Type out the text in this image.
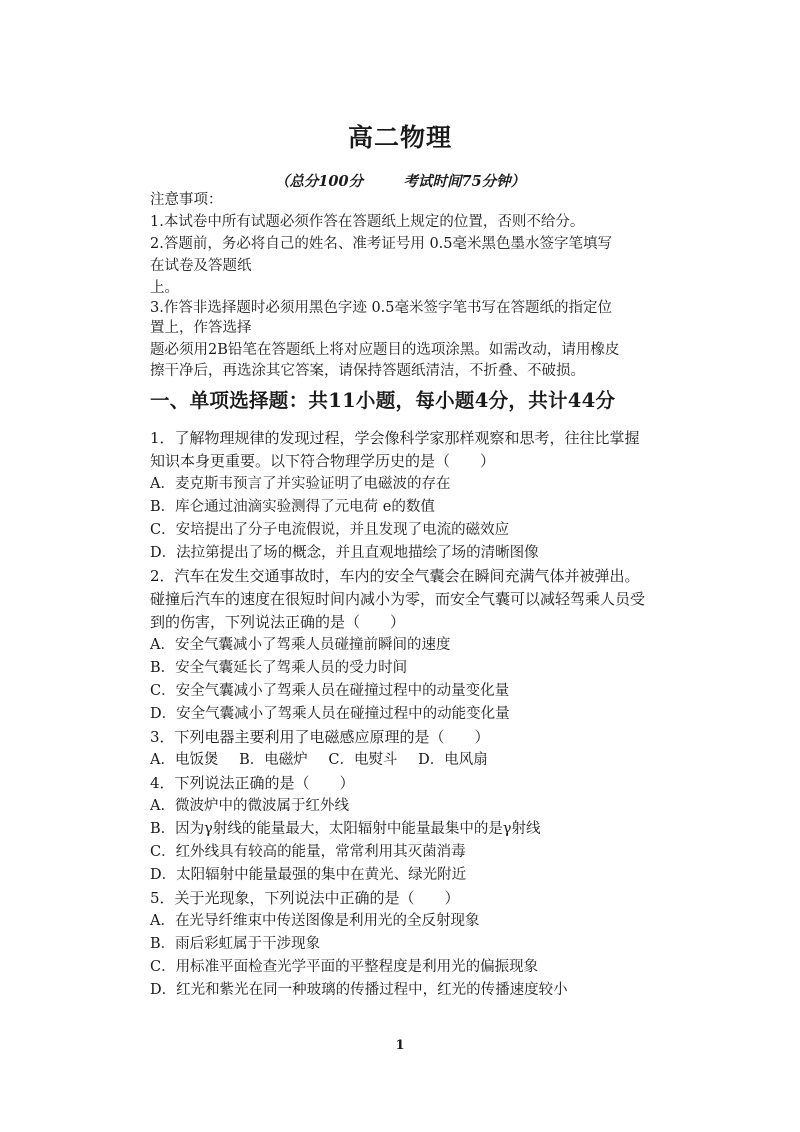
高二物理
（总分100分        考试时间75分钟）
注意事项：
1.本试卷中所有试题必须作答在答题纸上规定的位置，否则不给分。
2.答题前，务必将自己的姓名、准考证号用 0.5毫米黑色墨水签字笔填写
在试卷及答题纸
上。
3.作答非选择题时必须用黑色字迹 0.5毫米签字笔书写在答题纸的指定位
置上，作答选择
题必须用2B铅笔在答题纸上将对应题目的选项涂黑。如需改动，请用橡皮
擦干净后，再选涂其它答案，请保持答题纸清洁，不折叠、不破损。
一、单项选择题：共11小题，每小题4分，共计44分
1．了解物理规律的发现过程，学会像科学家那样观察和思考，往往比掌握
知识本身更重要。以下符合物理学历史的是（　　）
A．麦克斯韦预言了并实验证明了电磁波的存在
B．库仑通过油滴实验测得了元电荷 e的数值
C．安培提出了分子电流假说，并且发现了电流的磁效应
D．法拉第提出了场的概念，并且直观地描绘了场的清晰图像
2．汽车在发生交通事故时，车内的安全气囊会在瞬间充满气体并被弹出。
碰撞后汽车的速度在很短时间内减小为零，而安全气囊可以减轻驾乘人员受
到的伤害，下列说法正确的是（　　）
A．安全气囊减小了驾乘人员碰撞前瞬间的速度
B．安全气囊延长了驾乘人员的受力时间
C．安全气囊减小了驾乘人员在碰撞过程中的动量变化量
D．安全气囊减小了驾乘人员在碰撞过程中的动能变化量
3．下列电器主要利用了电磁感应原理的是（　　）
A．电饭煲 B．电磁炉 C．电熨斗 D．电风扇
4．下列说法正确的是（　　）
A．微波炉中的微波属于红外线
B．因为γ射线的能量最大，太阳辐射中能量最集中的是γ射线
C．红外线具有较高的能量，常常利用其灭菌消毒
D．太阳辐射中能量最强的集中在黄光、绿光附近
5．关于光现象，下列说法中正确的是（　　）
A．在光导纤维束中传送图像是利用光的全反射现象
B．雨后彩虹属于干涉现象
C．用标准平面检查光学平面的平整程度是利用光的偏振现象
D．红光和紫光在同一种玻璃的传播过程中，红光的传播速度较小
1
